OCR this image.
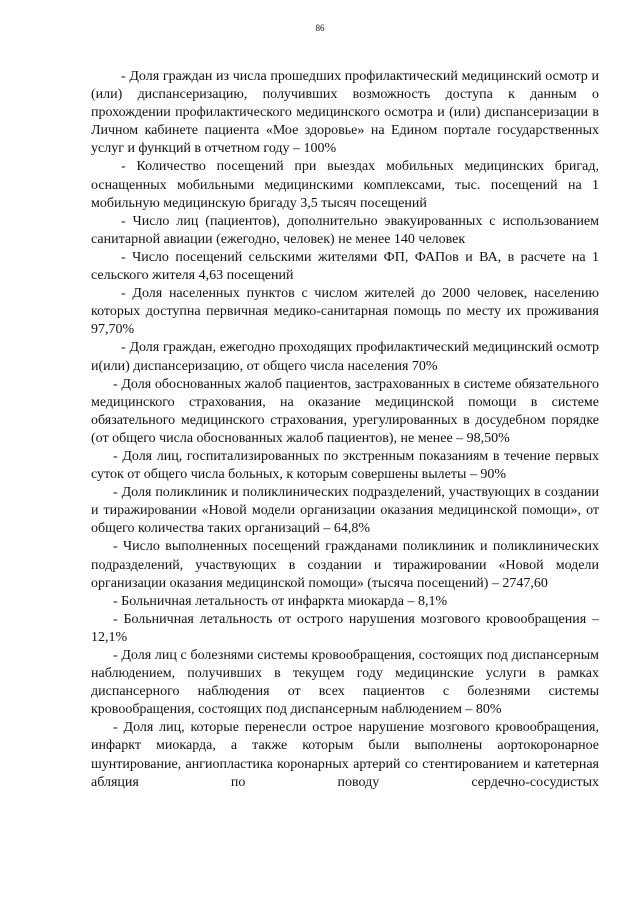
86

- Доля граждан из числа прошедших профилактический медицинский осмотр и (или) диспансеризацию, получивших возможность доступа к данным о прохождении профилактического медицинского осмотра и (или) диспансеризации в Личном кабинете пациента «Мое здоровье» на Едином портале государственных услуг и функций в отчетном году – 100%

- Количество посещений при выездах мобильных медицинских бригад, оснащенных мобильными медицинскими комплексами, тыс. посещений на 1 мобильную медицинскую бригаду 3,5 тысяч посещений

- Число лиц (пациентов), дополнительно эвакуированных с использованием санитарной авиации (ежегодно, человек) не менее 140 человек

- Число посещений сельскими жителями ФП, ФАПов и ВА, в расчете на 1 сельского жителя 4,63 посещений

- Доля населенных пунктов с числом жителей до 2000 человек, населению которых доступна первичная медико-санитарная помощь по месту их проживания 97,70%

- Доля граждан, ежегодно проходящих профилактический медицинский осмотр и(или) диспансеризацию, от общего числа населения 70%

- Доля обоснованных жалоб пациентов, застрахованных в системе обязательного медицинского страхования, на оказание медицинской помощи в системе обязательного медицинского страхования, урегулированных в досудебном порядке (от общего числа обоснованных жалоб пациентов), не менее – 98,50%

- Доля лиц, госпитализированных по экстренным показаниям в течение первых суток от общего числа больных, к которым совершены вылеты – 90%

- Доля поликлиник и поликлинических подразделений, участвующих в создании и тиражировании «Новой модели организации оказания медицинской помощи», от общего количества таких организаций – 64,8%

- Число выполненных посещений гражданами поликлиник и поликлинических подразделений, участвующих в создании и тиражировании «Новой модели организации оказания медицинской помощи» (тысяча посещений) – 2747,60

- Больничная летальность от инфаркта миокарда – 8,1%

- Больничная летальность от острого нарушения мозгового кровообращения – 12,1%

- Доля лиц с болезнями системы кровообращения, состоящих под диспансерным наблюдением, получивших в текущем году медицинские услуги в рамках диспансерного наблюдения от всех пациентов с болезнями системы кровообращения, состоящих под диспансерным наблюдением – 80%

- Доля лиц, которые перенесли острое нарушение мозгового кровообращения, инфаркт миокарда, а также которым были выполнены аортокоронарное шунтирование, ангиопластика коронарных артерий со стентированием и катетерная абляция по поводу сердечно-сосудистых
